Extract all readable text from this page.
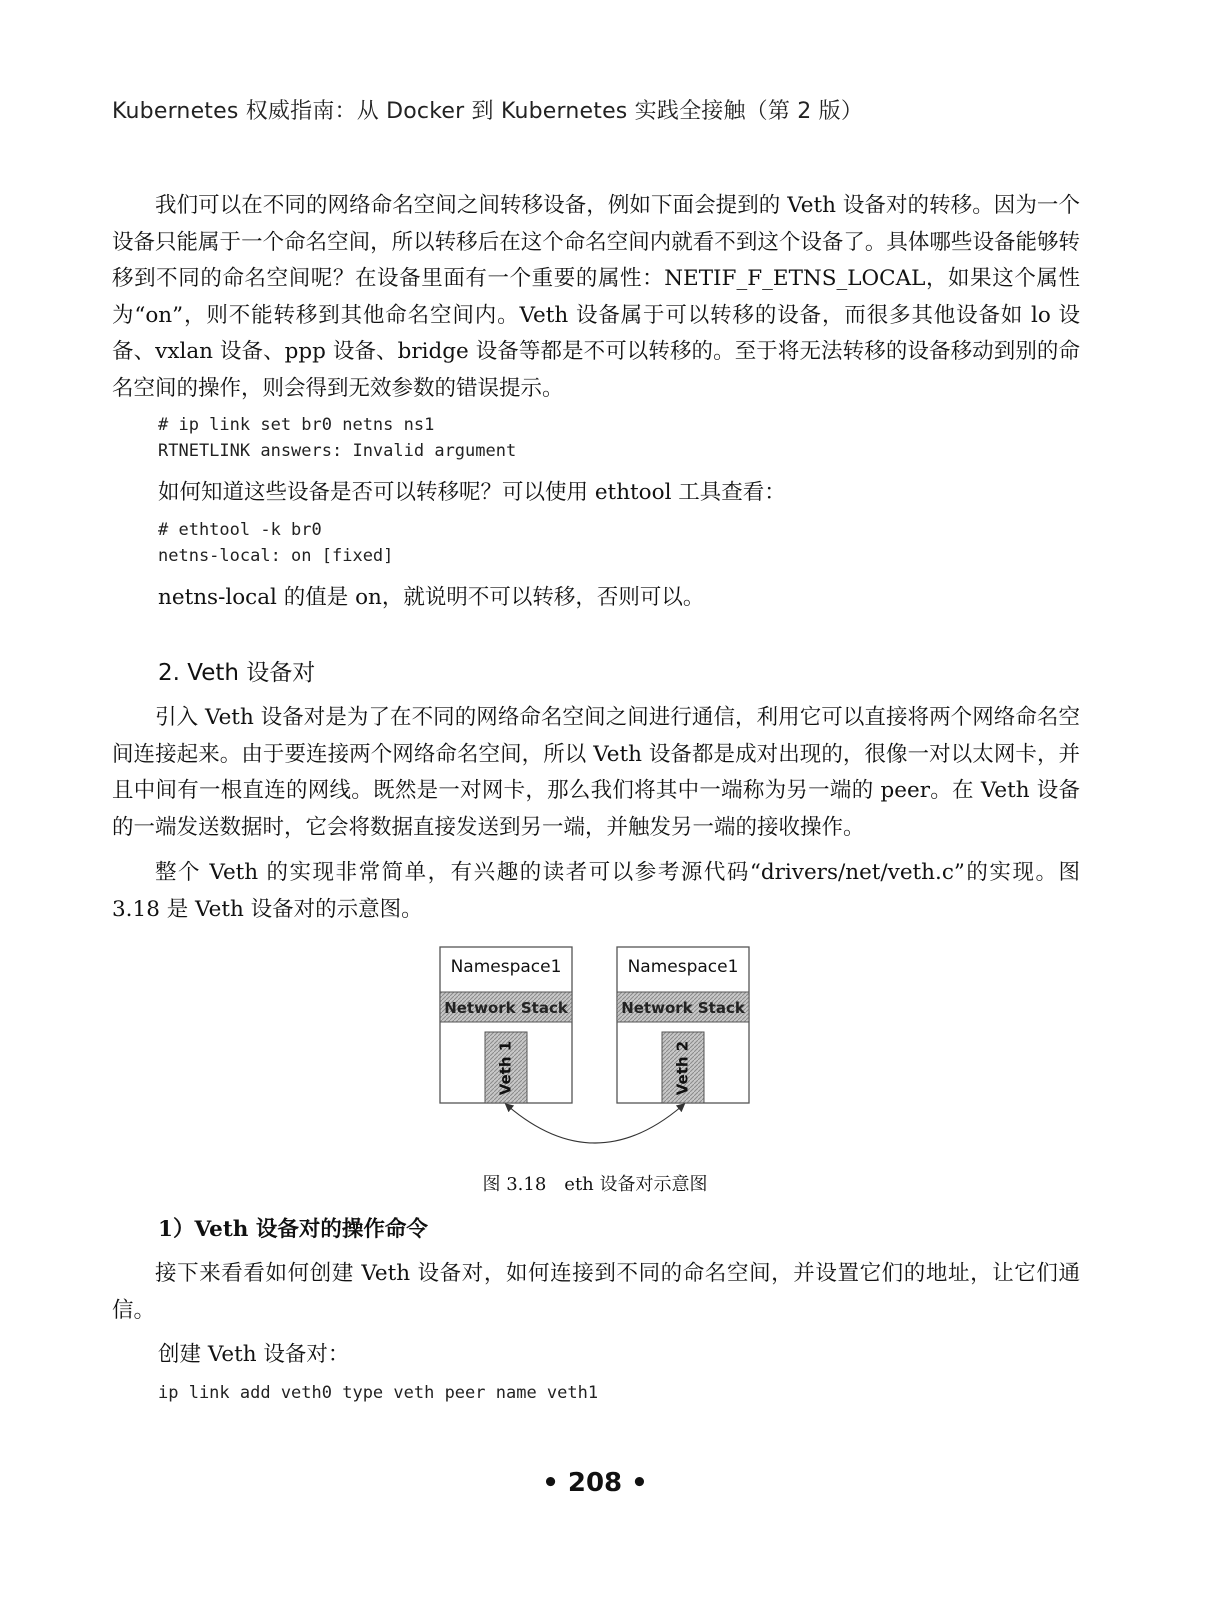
Kubernetes 权威指南：从 Docker 到 Kubernetes 实践全接触（第 2 版）

我们可以在不同的网络命名空间之间转移设备，例如下面会提到的 Veth 设备对的转移。因为一个设备只能属于一个命名空间，所以转移后在这个命名空间内就看不到这个设备了。具体哪些设备能够转移到不同的命名空间呢？在设备里面有一个重要的属性：NETIF_F_ETNS_LOCAL，如果这个属性为“on”，则不能转移到其他命名空间内。Veth 设备属于可以转移的设备，而很多其他设备如 lo 设备、vxlan 设备、ppp 设备、bridge 设备等都是不可以转移的。至于将无法转移的设备移动到别的命名空间的操作，则会得到无效参数的错误提示。

# ip link set br0 netns ns1
RTNETLINK answers: Invalid argument
如何知道这些设备是否可以转移呢？可以使用 ethtool 工具查看：
# ethtool -k br0
netns-local: on [fixed]
netns-local 的值是 on，就说明不可以转移，否则可以。
2. Veth 设备对

引入 Veth 设备对是为了在不同的网络命名空间之间进行通信，利用它可以直接将两个网络命名空间连接起来。由于要连接两个网络命名空间，所以 Veth 设备都是成对出现的，很像一对以太网卡，并且中间有一根直连的网线。既然是一对网卡，那么我们将其中一端称为另一端的 peer。在 Veth 设备的一端发送数据时，它会将数据直接发送到另一端，并触发另一端的接收操作。

整个 Veth 的实现非常简单，有兴趣的读者可以参考源代码“drivers/net/veth.c”的实现。图 3.18 是 Veth 设备对的示意图。

Namespace1
Network Stack
Veth 1
Namespace1
Network Stack
Veth 2
图 3.18　eth 设备对示意图
1）Veth 设备对的操作命令

接下来看看如何创建 Veth 设备对，如何连接到不同的命名空间，并设置它们的地址，让它们通信。

创建 Veth 设备对：
ip link add veth0 type veth peer name veth1
• 208 •
